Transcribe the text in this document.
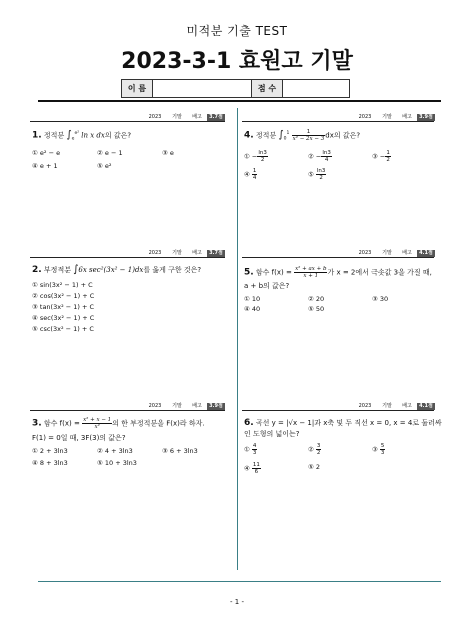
미적분 기출 TEST
2023-3-1 효원고 기말
이 름	점 수
2023	기말	배고	3.7점
1. 정적분 $\int_e^{e^2}$ ln x dx의 값은?
① e² − e	② e − 1	③ e
④ e + 1	⑤ e²
2023	기말	배고	3.7점
2. 부정적분 ∫6x sec²(3x² − 1)dx를 옳게 구한 것은?
① sin(3x² − 1) + C
② cos(3x² − 1) + C
③ tan(3x² − 1) + C
④ sec(3x² − 1) + C
⑤ csc(3x² − 1) + C
2023	기말	배고	3.9점
3. 함수 $f(x) = \frac{\text{x² + x − 1}}{\text{x²}}$ 의 한 부정적분을 F(x)라 하자.
F(1) = 0일 때, 3F(3)의 값은?
① 2 + 3ln3	② 4 + 3ln3	③ 6 + 3ln3
④ 8 + 3ln3	⑤ 10 + 3ln3
2023	기말	배고	3.9점
4. 정적분 $\int_0^1 \frac{1}{\text{x² − 2x − 3}}$ dx의 값은?
① − $\frac{\ln 3}{2}$	② − $\frac{\ln 3}{4}$	③ − $\frac{1}{2}$
④ $\frac{1}{4}$	⑤ $\frac{\ln 3}{2}$
2023	기말	배고	4.1점
5. 함수 $f(x) = \frac{\text{x² + ax + b}}{x + 1}$ 가 x = 2에서 극솟값 3을 가질 때,
a + b의 값은?
① 10	② 20	③ 30
④ 40	⑤ 50
2023	기말	배고	4.1점
6. 곡선 y = |√x − 1|과 x축 및 두 직선 x = 0, x = 4로 둘러싸
인 도형의 넓이는?
① $\frac{4}{3}$	② $\frac{3}{2}$	③ $\frac{5}{3}$
④ $\frac{11}{6}$	⑤ 2
- 1 -
